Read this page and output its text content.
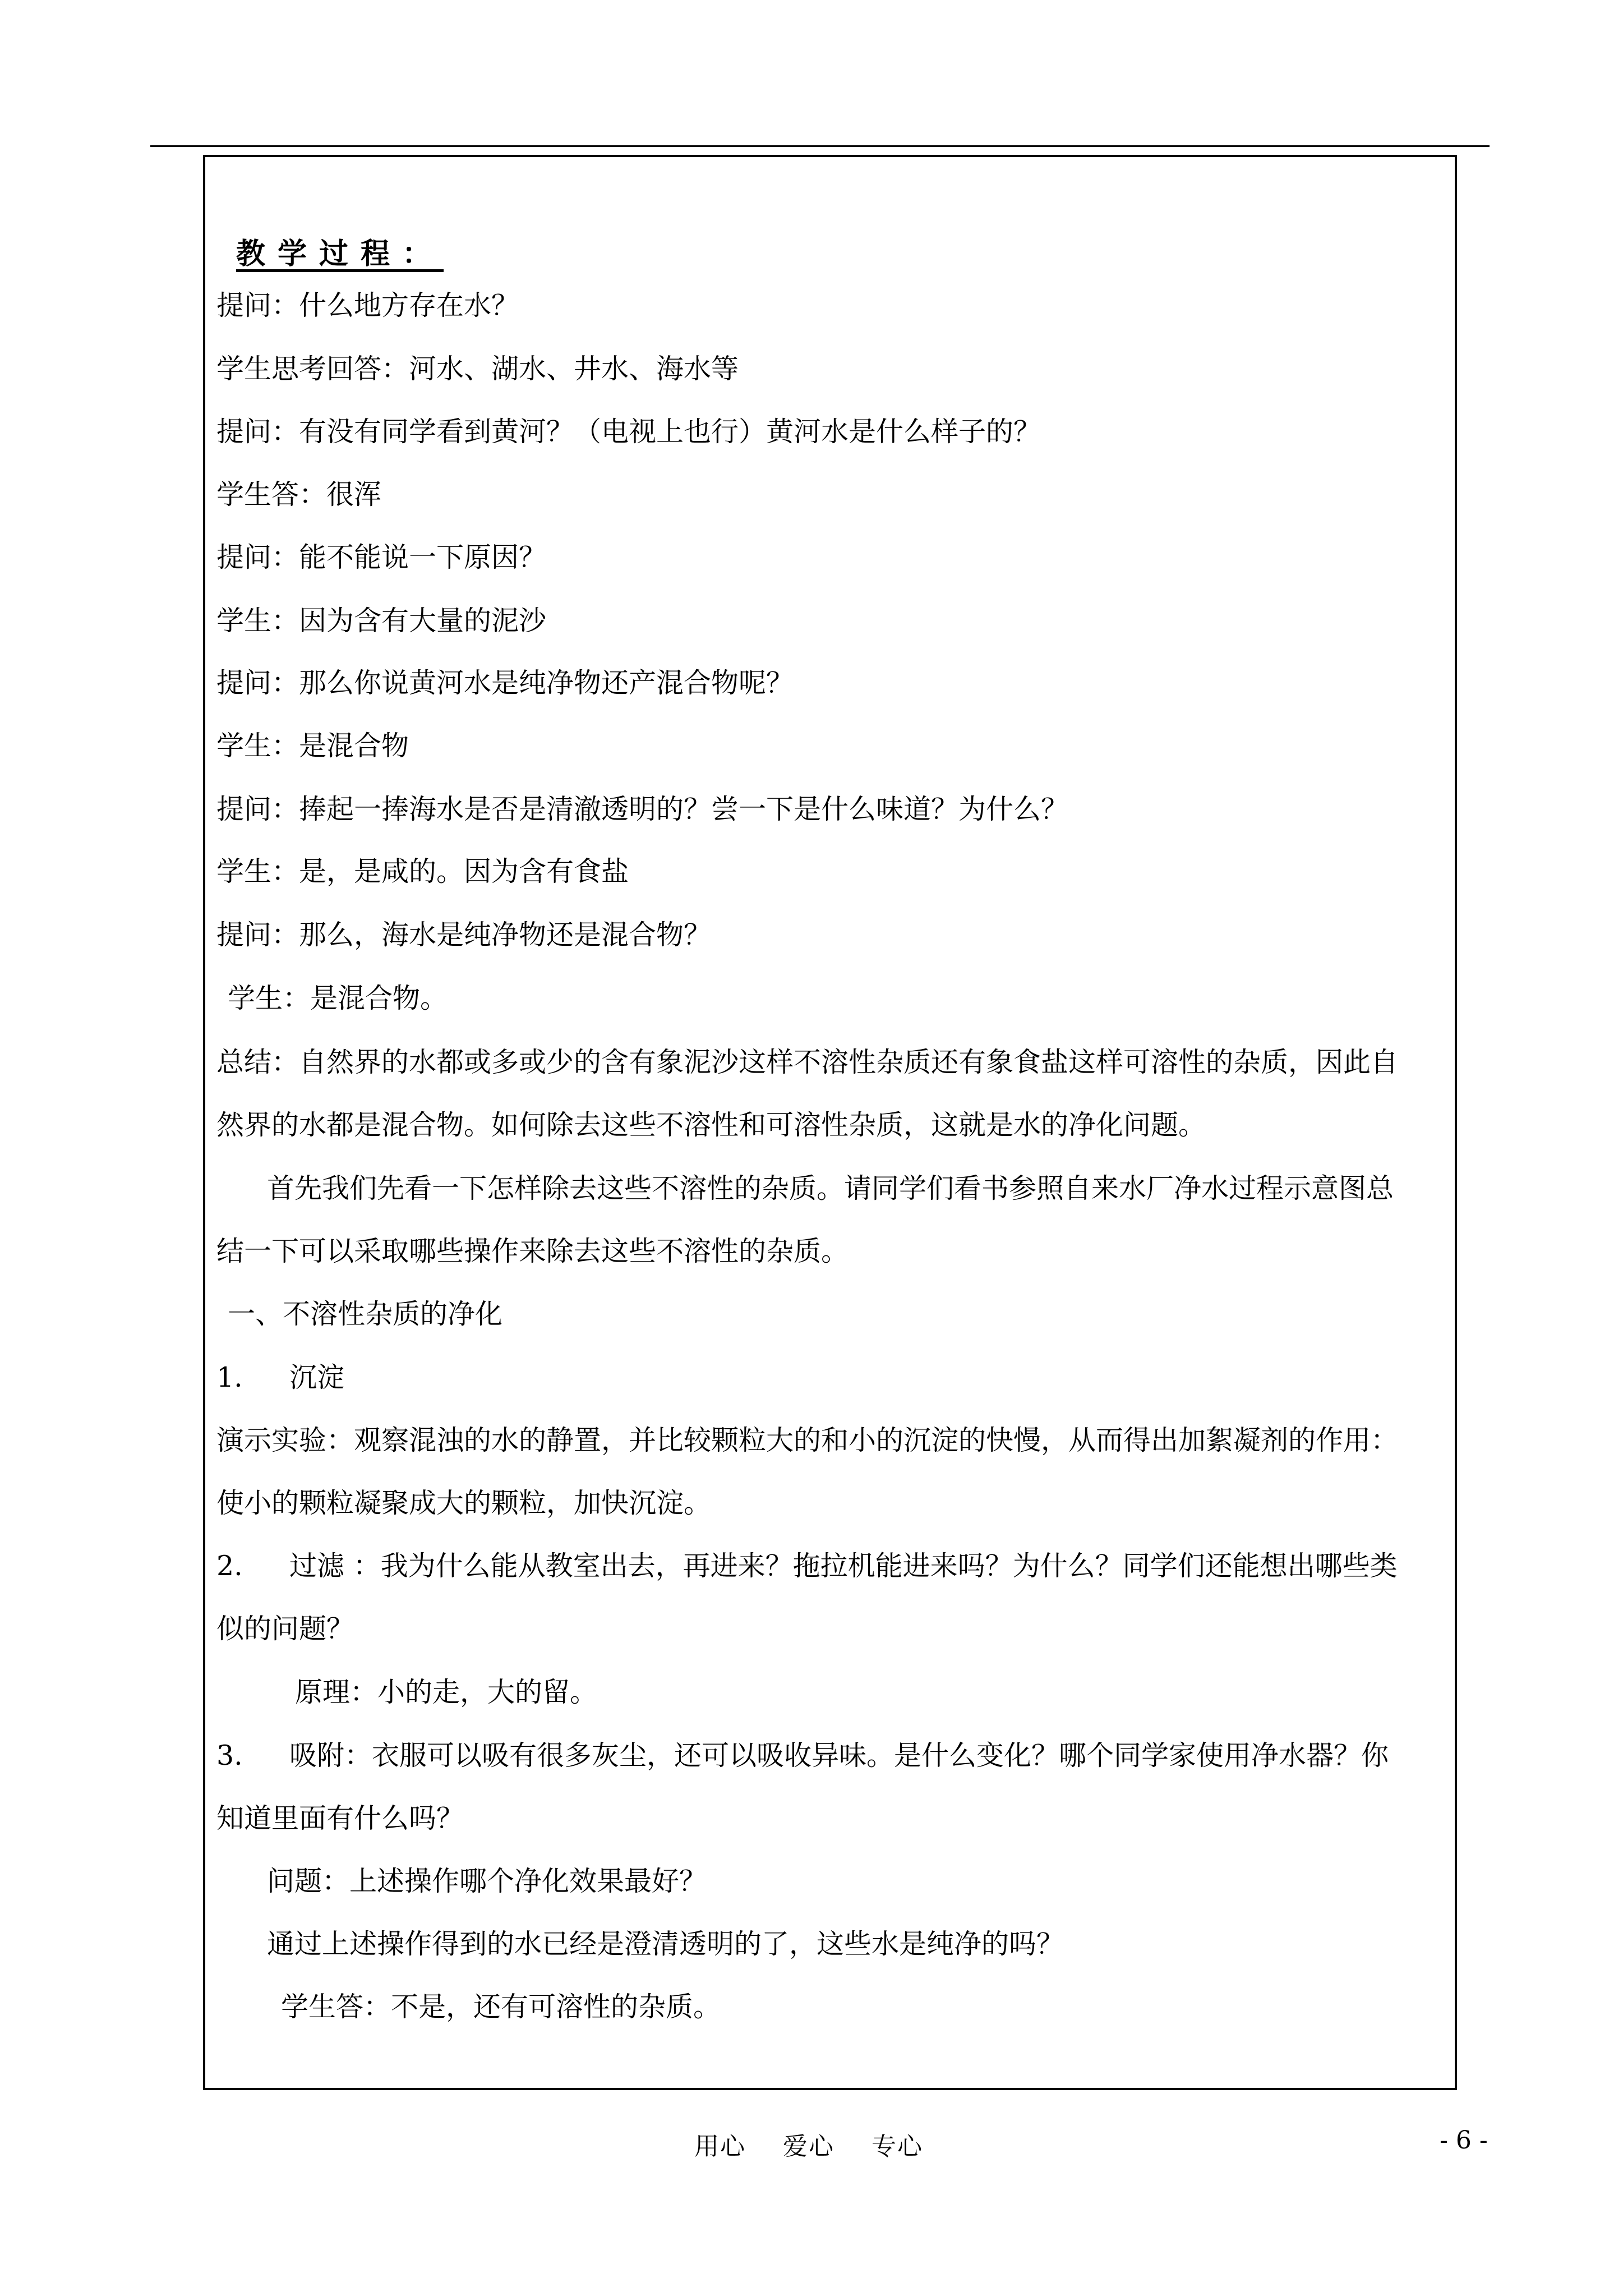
教学过程：
提问：什么地方存在水？
学生思考回答：河水、湖水、井水、海水等
提问：有没有同学看到黄河？（电视上也行）黄河水是什么样子的？
学生答：很浑
提问：能不能说一下原因？
学生：因为含有大量的泥沙
提问：那么你说黄河水是纯净物还产混合物呢？
学生：是混合物
提问：捧起一捧海水是否是清澈透明的？尝一下是什么味道？为什么？
学生：是，是咸的。因为含有食盐
提问：那么，海水是纯净物还是混合物？
学生：是混合物。
总结：自然界的水都或多或少的含有象泥沙这样不溶性杂质还有象食盐这样可溶性的杂质，因此自
然界的水都是混合物。如何除去这些不溶性和可溶性杂质，这就是水的净化问题。
首先我们先看一下怎样除去这些不溶性的杂质。请同学们看书参照自来水厂净水过程示意图总
结一下可以采取哪些操作来除去这些不溶性的杂质。
一、不溶性杂质的净化
1. 沉淀
演示实验：观察混浊的水的静置，并比较颗粒大的和小的沉淀的快慢，从而得出加絮凝剂的作用：
使小的颗粒凝聚成大的颗粒，加快沉淀。
2. 过滤 ：我为什么能从教室出去，再进来？拖拉机能进来吗？为什么？同学们还能想出哪些类
似的问题？
原理：小的走，大的留。
3. 吸附：衣服可以吸有很多灰尘，还可以吸收异味。是什么变化？哪个同学家使用净水器？你
知道里面有什么吗？
问题：上述操作哪个净化效果最好？
通过上述操作得到的水已经是澄清透明的了，这些水是纯净的吗？
学生答：不是，还有可溶性的杂质。
用心 爱心 专心	- 6 -
